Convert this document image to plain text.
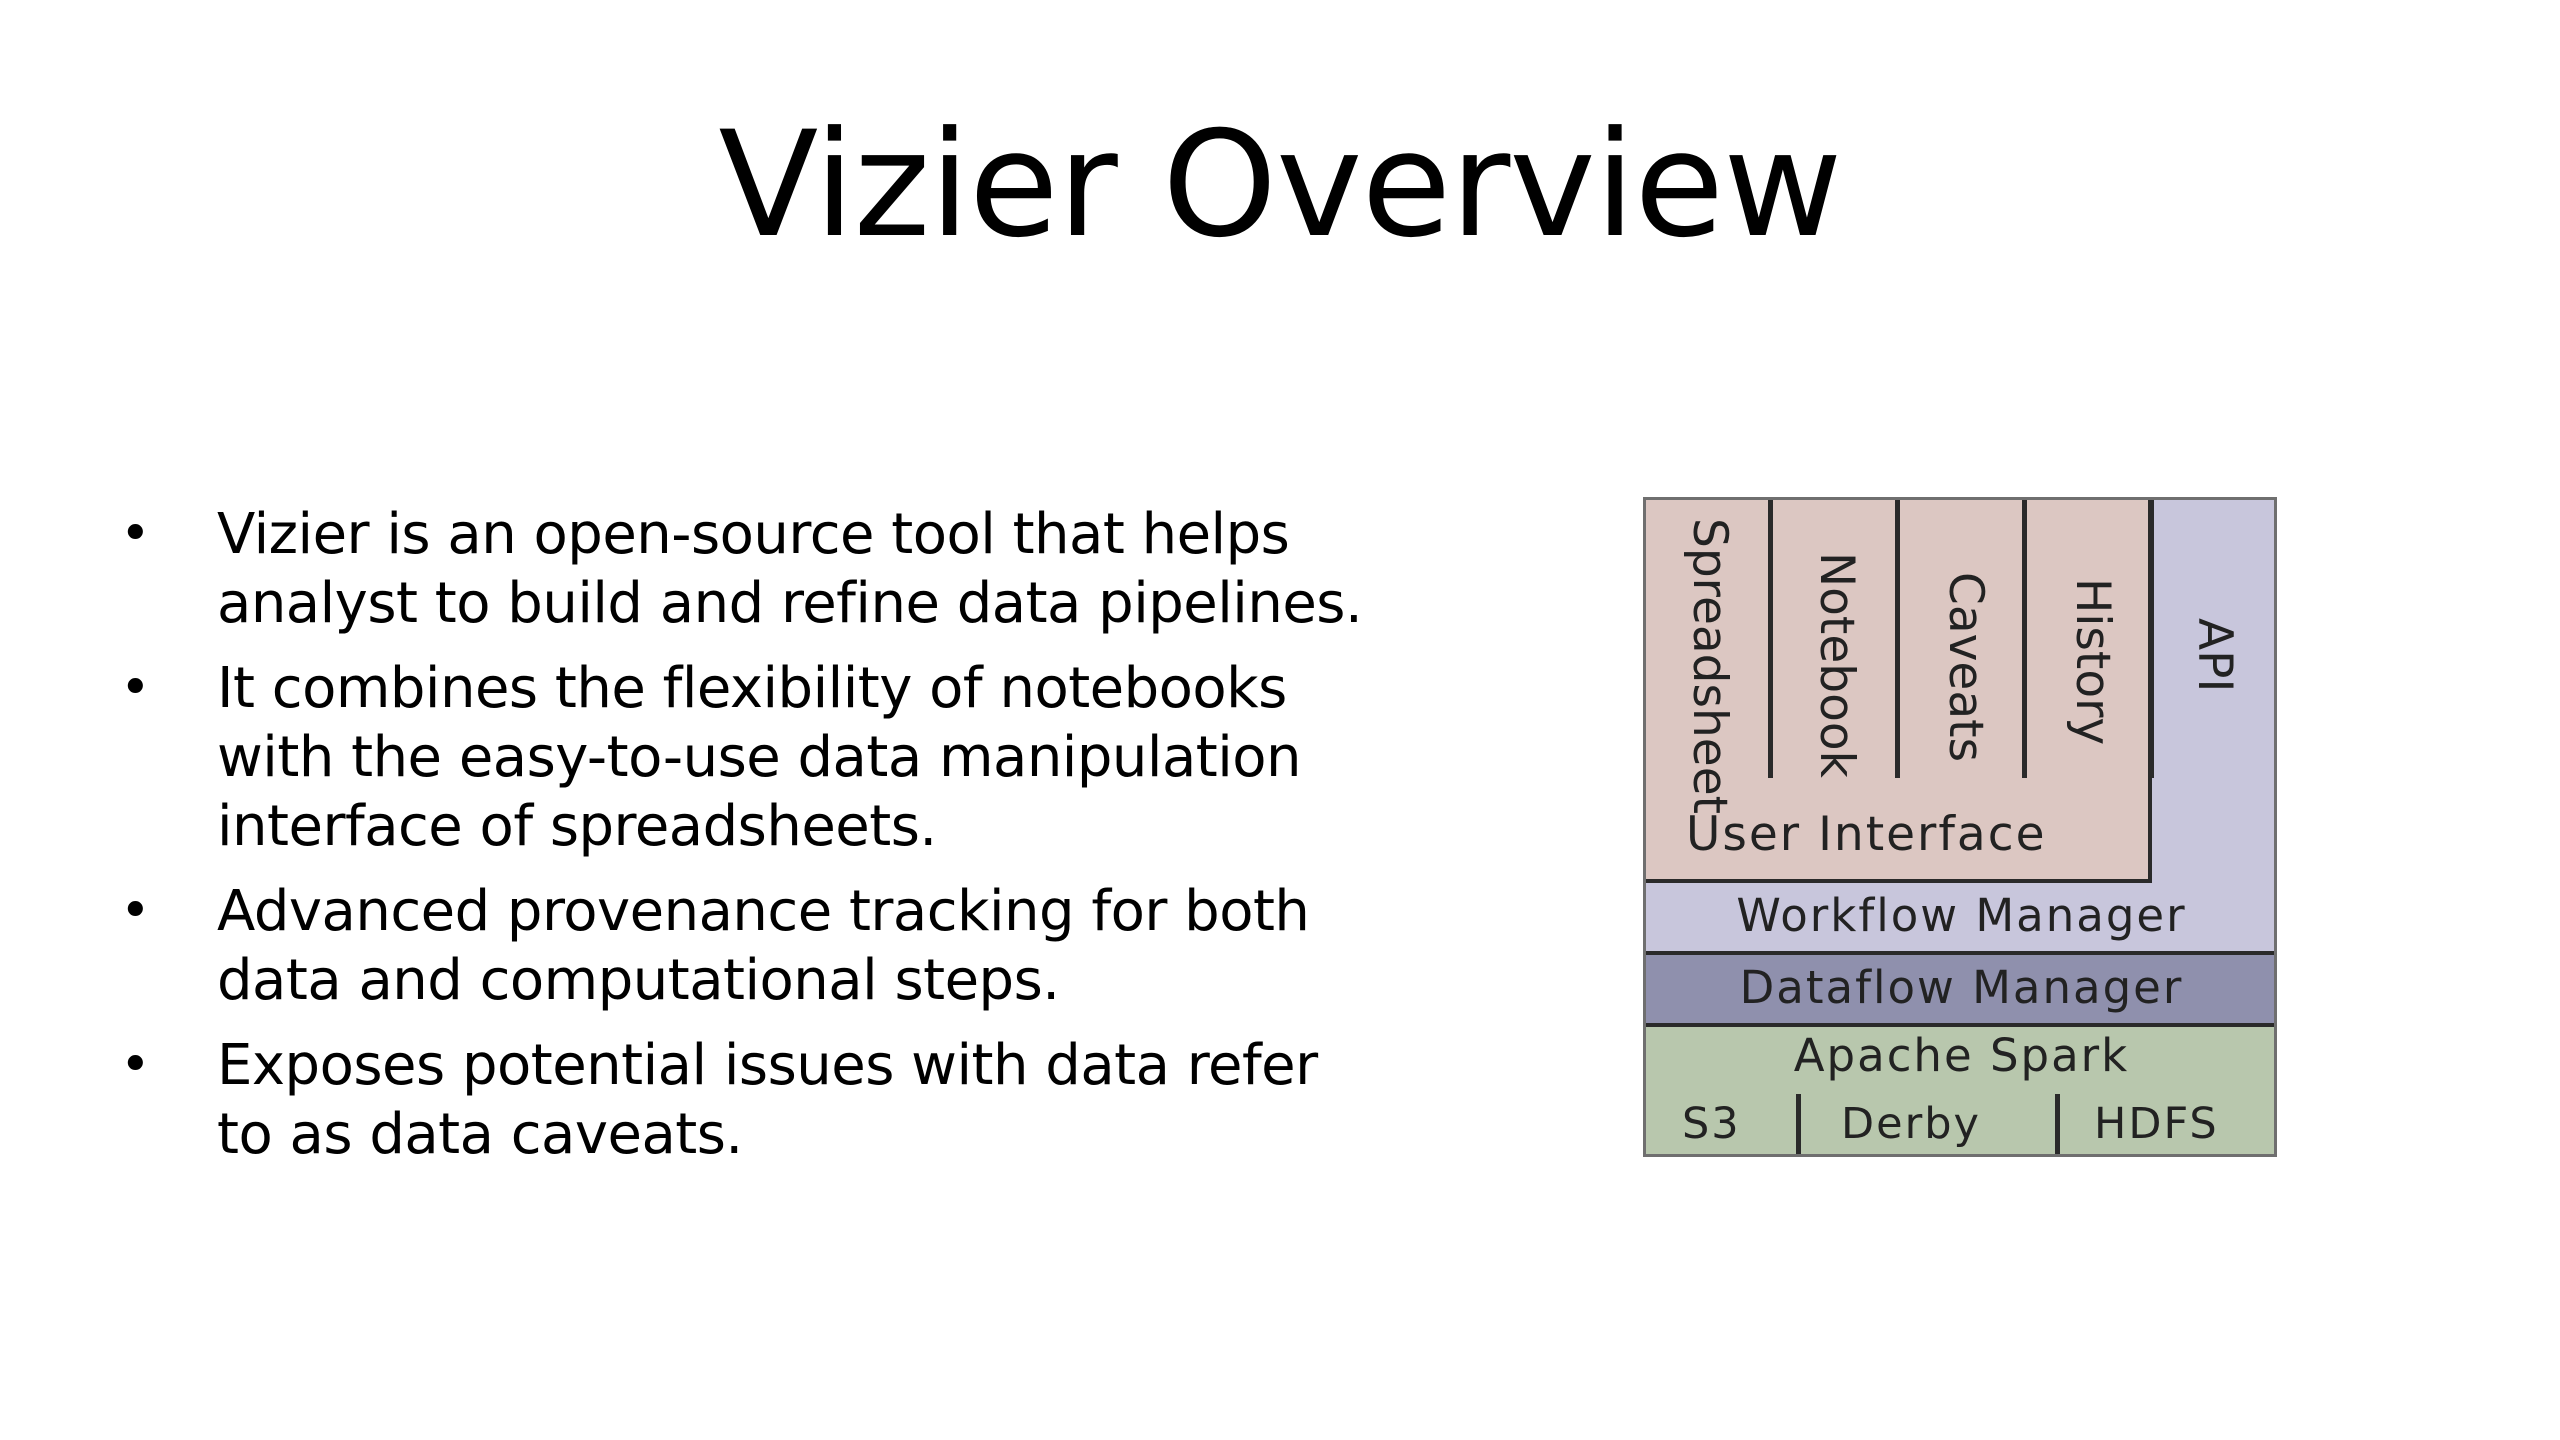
Vizier Overview
• Vizier is an open-source tool that helps
analyst to build and refine data pipelines.
• It combines the flexibility of notebooks
with the easy-to-use data manipulation
interface of spreadsheets.
• Advanced provenance tracking for both
data and computational steps.
• Exposes potential issues with data refer
to as data caveats.
API
Spreadsheet Notebook Caveats History
User Interface
Workflow Manager
Dataflow Manager
Apache Spark
S3 Derby	HDFS
